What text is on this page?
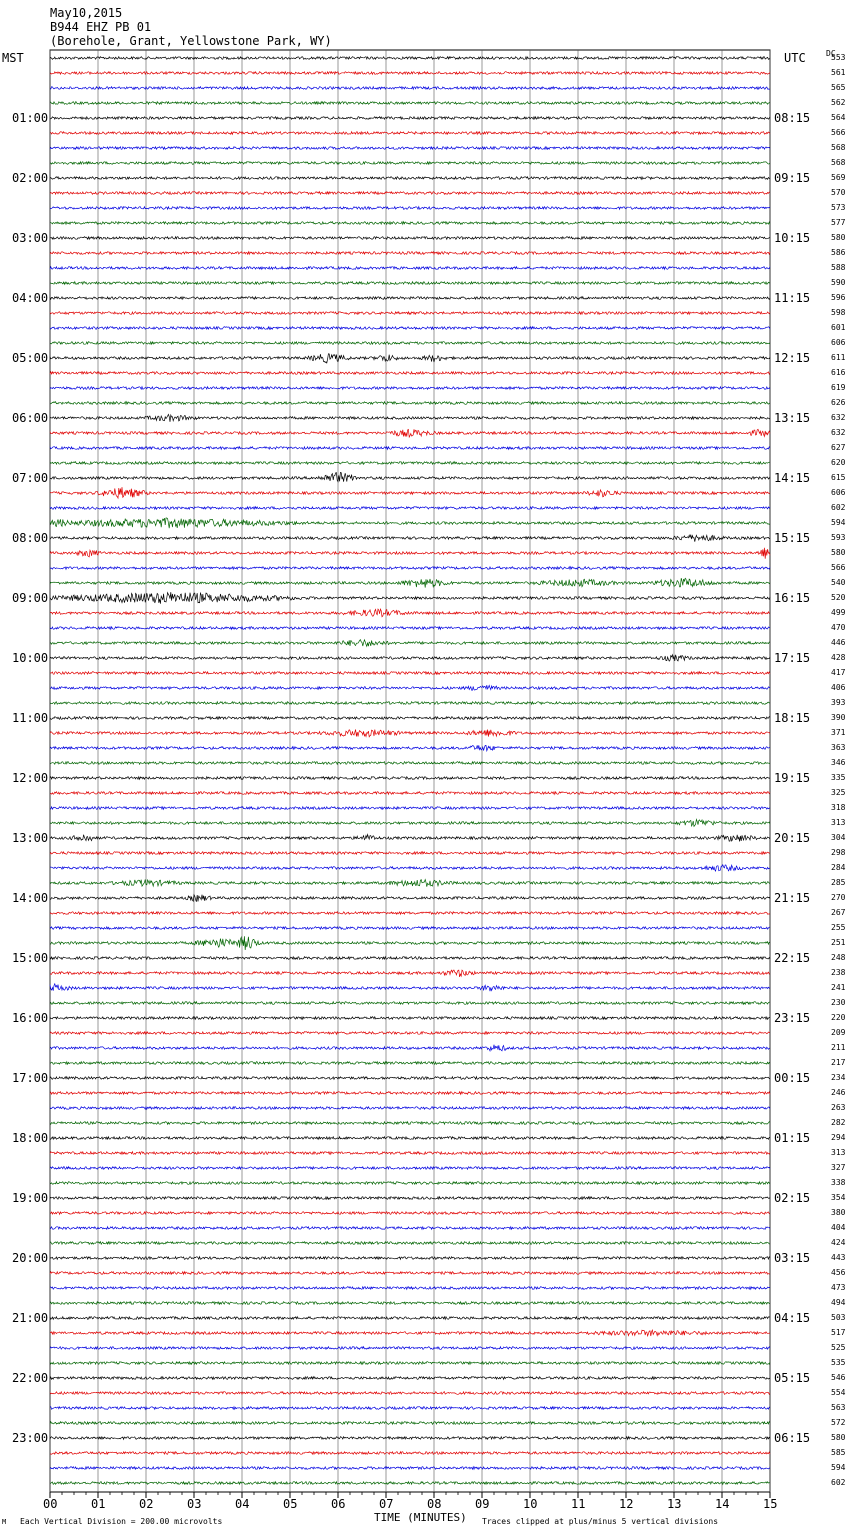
May10,2015
B944 EHZ PB 01
(Borehole, Grant, Yellowstone Park, WY)
MST	UTC	DC
01:00
02:00
03:00
04:00
05:00
06:00
07:00
08:00
09:00
10:00
11:00
12:00
13:00
14:00
15:00
16:00
17:00
18:00
19:00
20:00
21:00
22:00
23:00
08:15
09:15
10:15
11:15
12:15
13:15
14:15
15:15
16:15
17:15
18:15
19:15
20:15
21:15
22:15
23:15
00:15
01:15
02:15
03:15
04:15
05:15
06:15
553
561
565
562
564
566
568
568
569
570
573
577
580
586
588
590
596
598
601
606
611
616
619
626
632
632
627
620
615
606
602
594
593
580
566
540
520
499
470
446
428
417
406
393
390
371
363
346
335
325
318
313
304
298
284
285
270
267
255
251
248
238
241
230
220
209
211
217
234
246
263
282
294
313
327
338
354
380
404
424
443
456
473
494
503
517
525
535
546
554
563
572
580
585
594
602
00	01	02	03	04	05	06	07	08	09	10	11	12	13	14	15
M Each Vertical Division = 200.00 microvolts	TIME (MINUTES) Traces clipped at plus/minus 5 vertical divisions
